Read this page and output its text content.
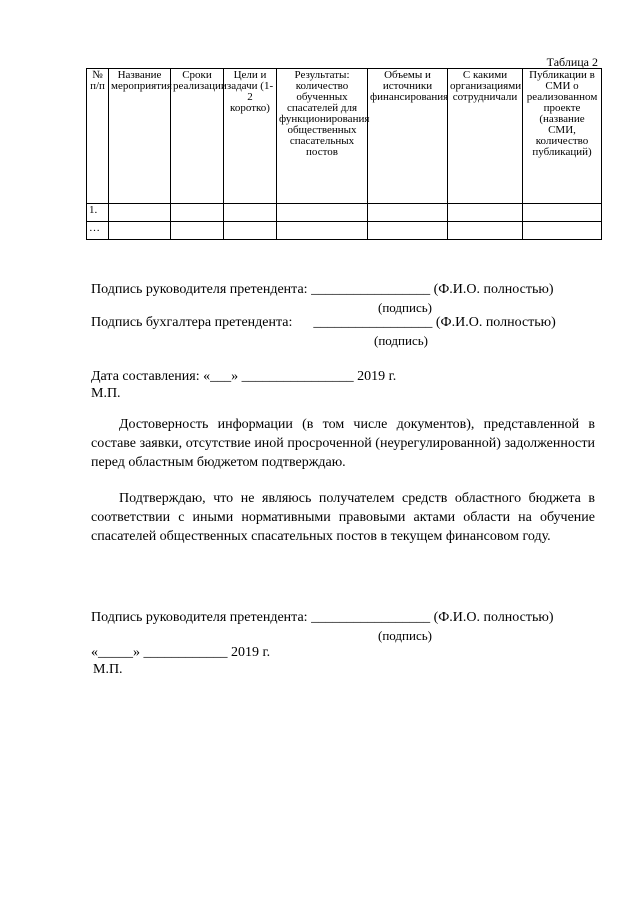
Таблица 2
№ п/п	Название мероприятия	Сроки реализации	Цели и задачи (1-2 коротко)	Результаты: количество обученных спасателей для функционирования общественных спасательных постов	Объемы и источники финансирования	С какими организациями сотрудничали	Публикации в СМИ о реализованном проекте (название СМИ, количество публикаций)
1.							
…							
Подпись руководителя претендента: _________________ (Ф.И.О. полностью)
(подпись)
Подпись бухгалтера претендента: _________________ (Ф.И.О. полностью)
(подпись)
Дата составления: «___» ________________ 2019 г.
М.П.
Достоверность информации (в том числе документов), представленной в составе заявки, отсутствие иной просроченной (неурегулированной) задолженности перед областным бюджетом подтверждаю.
Подтверждаю, что не являюсь получателем средств областного бюджета в соответствии с иными нормативными правовыми актами области на обучение спасателей общественных спасательных постов в текущем финансовом году.
Подпись руководителя претендента: _________________ (Ф.И.О. полностью)
(подпись)
«_____» ____________ 2019 г.
М.П.
